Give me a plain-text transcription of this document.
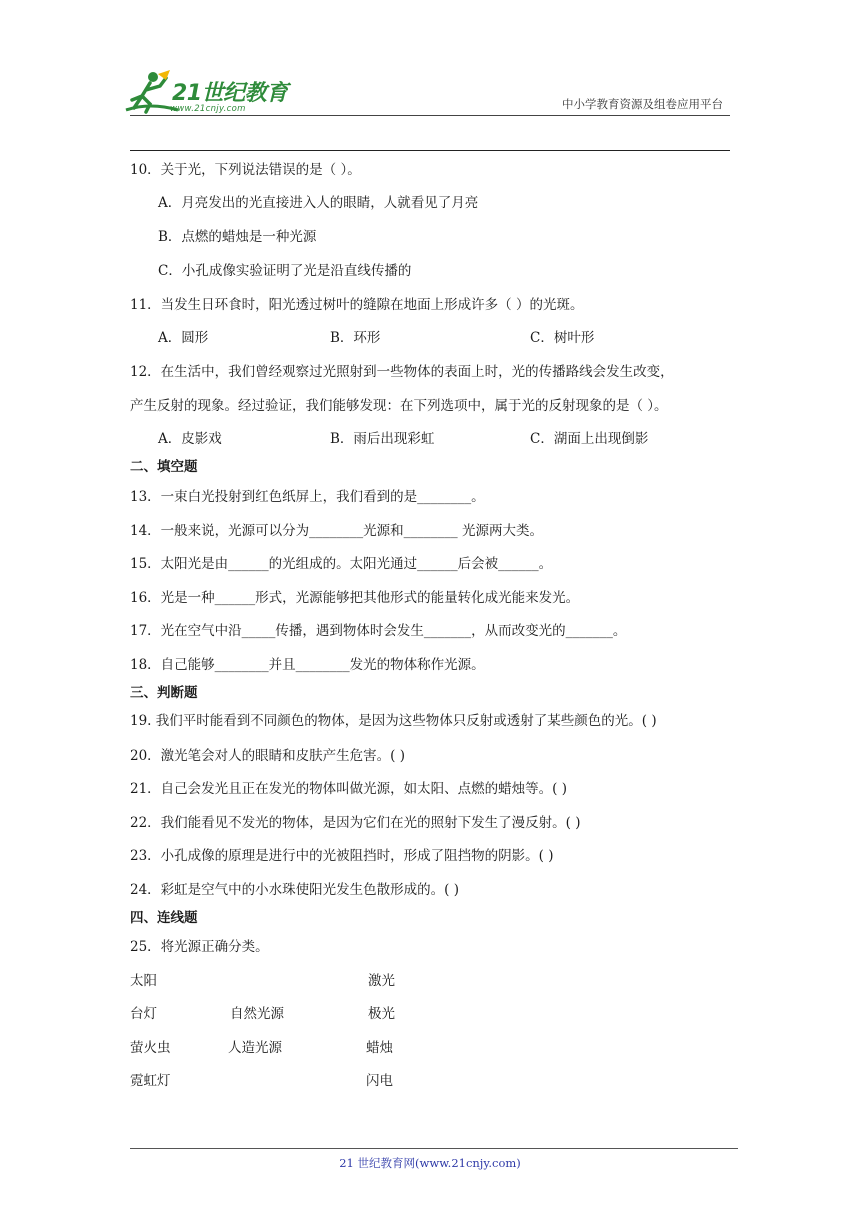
21世纪教育
www.21cnjy.com	中小学教育资源及组卷应用平台
10．关于光，下列说法错误的是（ ）。
A．月亮发出的光直接进入人的眼睛，人就看见了月亮
B．点燃的蜡烛是一种光源
C．小孔成像实验证明了光是沿直线传播的
11．当发生日环食时，阳光透过树叶的缝隙在地面上形成许多（ ）的光斑。
A．圆形	B．环形	C．树叶形
12．在生活中，我们曾经观察过光照射到一些物体的表面上时，光的传播路线会发生改变，
产生反射的现象。经过验证，我们能够发现：在下列选项中，属于光的反射现象的是（ ）。
A．皮影戏	B．雨后出现彩虹	C．湖面上出现倒影
二、填空题
13．一束白光投射到红色纸屏上，我们看到的是________。
14．一般来说，光源可以分为________光源和________ 光源两大类。
15．太阳光是由______的光组成的。太阳光通过______后会被______。
16．光是一种______形式，光源能够把其他形式的能量转化成光能来发光。
17．光在空气中沿_____传播，遇到物体时会发生_______，从而改变光的_______。
18．自己能够________并且________发光的物体称作光源。
三、判断题
19. 我们平时能看到不同颜色的物体，是因为这些物体只反射或透射了某些颜色的光。( )
20．激光笔会对人的眼睛和皮肤产生危害。( )
21．自己会发光且正在发光的物体叫做光源，如太阳、点燃的蜡烛等。( )
22．我们能看见不发光的物体，是因为它们在光的照射下发生了漫反射。( )
23．小孔成像的原理是进行中的光被阻挡时，形成了阻挡物的阴影。( )
24．彩虹是空气中的小水珠使阳光发生色散形成的。( )
四、连线题
25．将光源正确分类。
太阳
台灯
萤火虫
霓虹灯
自然光源
人造光源
激光
极光
蜡烛
闪电
21 世纪教育网(www.21cnjy.com)
